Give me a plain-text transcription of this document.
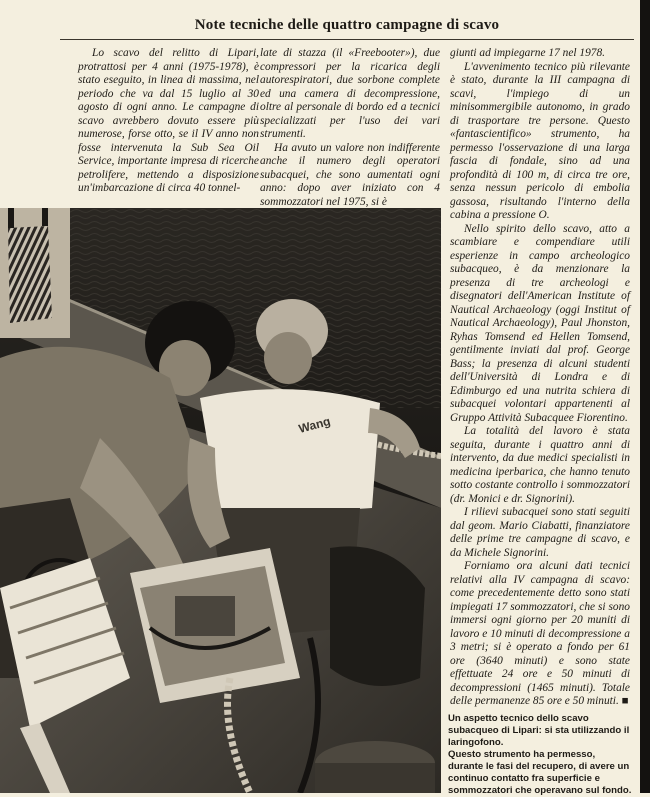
Note tecniche delle quattro campagne di scavo

Lo scavo del relitto di Lipari, protrattosi per 4 anni (1975-1978), è stato eseguito, in linea di massima, nel periodo che va dal 15 luglio al 30 agosto di ogni anno. Le campagne di scavo avrebbero dovuto essere più numerose, forse otto, se il IV anno non fosse intervenuta la Sub Sea Oil Service, importante impresa di ricerche petrolifere, mettendo a disposizione un'imbarcazione di circa 40 tonnel-

late di stazza (il «Freebooter»), due compressori per la ricarica degli autorespiratori, due sorbone complete ed una camera di decompressione, oltre al personale di bordo ed a tecnici specializzati per l'uso dei vari strumenti.

Ha avuto un valore non indifferente anche il numero degli operatori subacquei, che sono aumentati ogni anno: dopo aver iniziato con 4 sommozzatori nel 1975, si è

giunti ad impiegarne 17 nel 1978.

L'avvenimento tecnico più rilevante è stato, durante la III campagna di scavi, l'impiego di un minisommergibile autonomo, in grado di trasportare tre persone. Questo «fantascientifico» strumento, ha permesso l'osservazione di una larga fascia di fondale, sino ad una profondità di 100 m, di circa tre ore, senza nessun pericolo di embolia gassosa, risultando l'interno della cabina a pressione O.

Nello spirito dello scavo, atto a scambiare e compendiare utili esperienze in campo archeologico subacqueo, è da menzionare la presenza di tre archeologi e disegnatori dell'American Institute of Nautical Archaeology (oggi Institut of Nautical Archaeology), Paul Jhonston, Ryhas Tomsend ed Hellen Tomsend, gentilmente inviati dal prof. George Bass; la presenza di alcuni studenti dell'Università di Londra e di Edimburgo ed una nutrita schiera di subacquei volontari appartenenti al Gruppo Attività Subacquee Fiorentino.

La totalità del lavoro è stata seguita, durante i quattro anni di intervento, da due medici specialisti in medicina iperbarica, che hanno tenuto sotto costante controllo i sommozzatori (dr. Monici e dr. Signorini).

I rilievi subacquei sono stati seguiti dal geom. Mario Ciabatti, finanziatore delle prime tre campagne di scavo, e da Michele Signorini.

Forniamo ora alcuni dati tecnici relativi alla IV campagna di scavo: come precedentemente detto sono stati impiegati 17 sommozzatori, che si sono immersi ogni giorno per 20 muniti di lavoro e 10 minuti di decompressione a 3 metri; si è operato a fondo per 61 ore (3640 minuti) e sono state effettuate 24 ore e 50 minuti di decompressioni (1465 minuti). Totale delle permanenze 85 ore e 50 minuti. ■

Wang

Un aspetto tecnico dello scavo subacqueo di Lipari: si sta utilizzando il laringofono.

Questo strumento ha permesso, durante le fasi del recupero, di avere un continuo contatto fra superficie e sommozzatori che operavano sul fondo.
